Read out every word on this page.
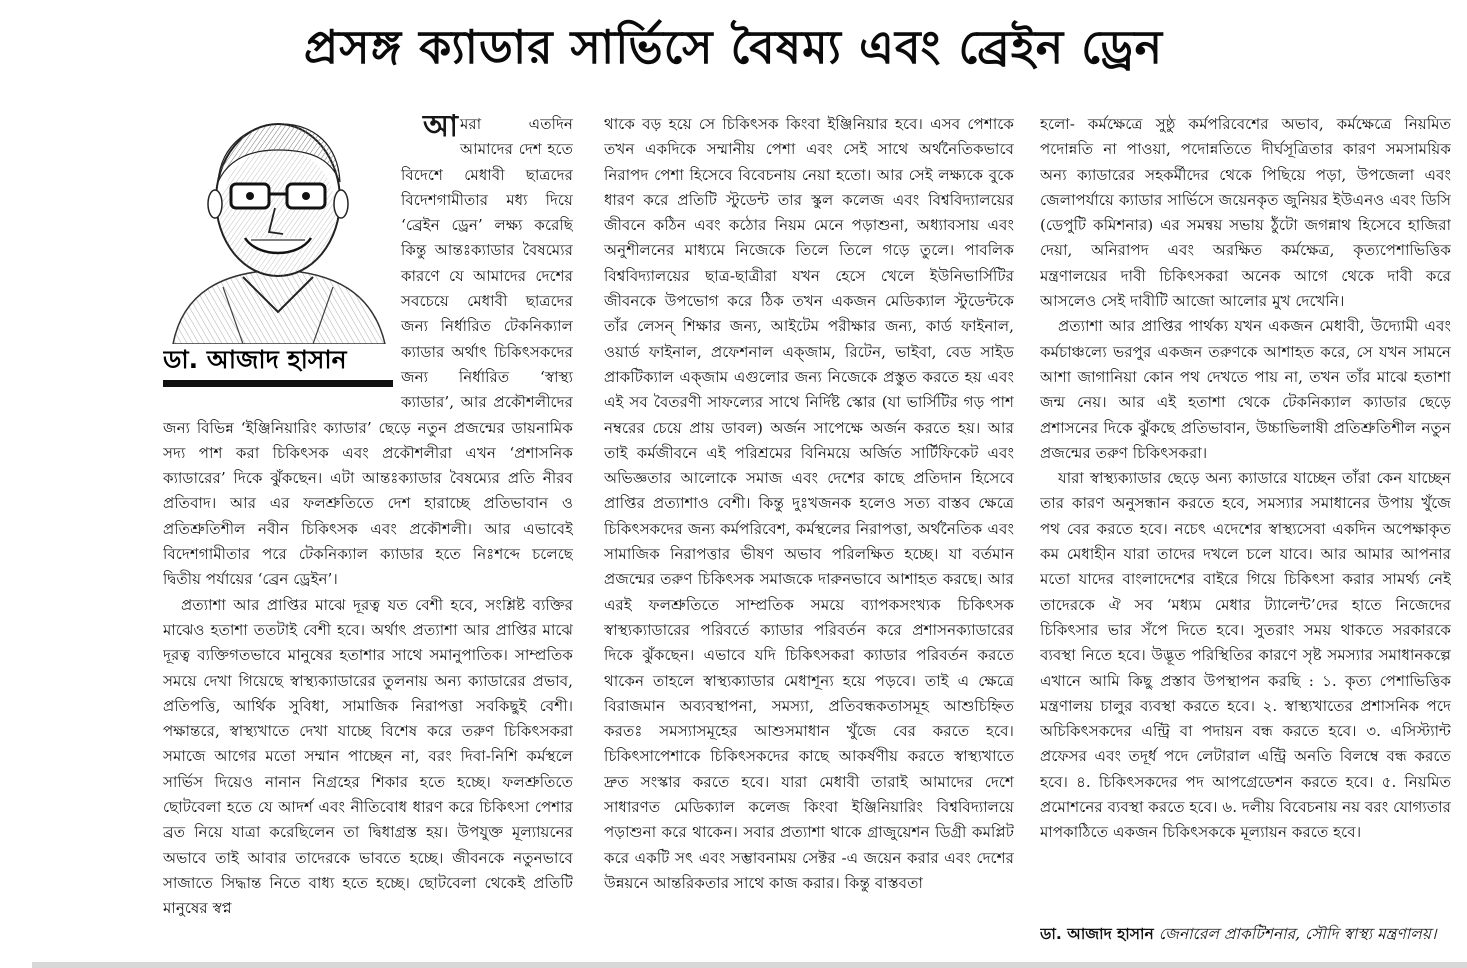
প্রসঙ্গ ক্যাডার সার্ভিসে বৈষম্য এবং ব্রেইন ড্রেন
ডা. আজাদ হাসান

আমরা এতদিন আমাদের দেশ হতে বিদেশে মেধাবী ছাত্রদের বিদেশগামীতার মধ্য দিয়ে ‘ব্রেইন ড্রেন’ লক্ষ্য করেছি কিন্তু আন্তঃক্যাডার বৈষম্যের কারণে যে আমাদের দেশের সবচেয়ে মেধাবী ছাত্রদের জন্য নির্ধারিত টেকনিক্যাল ক্যাডার অর্থাৎ চিকিৎসকদের জন্য নির্ধারিত ‘স্বাস্থ্য ক্যাডার’, আর প্রকৌশলীদের জন্য বিভিন্ন ‘ইঞ্জিনিয়ারিং ক্যাডার’ ছেড়ে নতুন প্রজন্মের ডায়নামিক সদ্য পাশ করা চিকিৎসক এবং প্রকৌশলীরা এখন ‘প্রশাসনিক ক্যাডারের’ দিকে ঝুঁকছেন। এটা আন্তঃক্যাডার বৈষম্যের প্রতি নীরব প্রতিবাদ। আর এর ফলশ্রুতিতে দেশ হারাচ্ছে প্রতিভাবান ও প্রতিশ্রুতিশীল নবীন চিকিৎসক এবং প্রকৌশলী। আর এভাবেই বিদেশগামীতার পরে টেকনিক্যাল ক্যাডার হতে নিঃশব্দে চলেছে দ্বিতীয় পর্যায়ের ‘ব্রেন ড্রেইন’।

প্রত্যাশা আর প্রাপ্তির মাঝে দূরত্ব যত বেশী হবে, সংশ্লিষ্ট ব্যক্তির মাঝেও হতাশা ততটাই বেশী হবে। অর্থাৎ প্রত্যাশা আর প্রাপ্তির মাঝে দূরত্ব ব্যক্তিগতভাবে মানুষের হতাশার সাথে সমানুপাতিক। সাম্প্রতিক সময়ে দেখা গিয়েছে স্বাস্থ্যক্যাডারের তুলনায় অন্য ক্যাডারের প্রভাব, প্রতিপত্তি, আর্থিক সুবিধা, সামাজিক নিরাপত্তা সবকিছুই বেশী। পক্ষান্তরে, স্বাস্থ্যখাতে দেখা যাচ্ছে বিশেষ করে তরুণ চিকিৎসকরা সমাজে আগের মতো সম্মান পাচ্ছেন না, বরং দিবা-নিশি কর্মস্থলে সার্ভিস দিয়েও নানান নিগ্রহের শিকার হতে হচ্ছে। ফলশ্রুতিতে ছোটবেলা হতে যে আদর্শ এবং নীতিবোধ ধারণ করে চিকিৎসা পেশার ব্রত নিয়ে যাত্রা করেছিলেন তা দ্বিধাগ্রস্ত হয়। উপযুক্ত মূল্যায়নের অভাবে তাই আবার তাদেরকে ভাবতে হচ্ছে। জীবনকে নতুনভাবে সাজাতে সিদ্ধান্ত নিতে বাধ্য হতে হচ্ছে। ছোটবেলা থেকেই প্রতিটি মানুষের স্বপ্ন

থাকে বড় হয়ে সে চিকিৎসক কিংবা ইঞ্জিনিয়ার হবে। এসব পেশাকে তখন একদিকে সম্মানীয় পেশা এবং সেই সাথে অর্থনৈতিকভাবে নিরাপদ পেশা হিসেবে বিবেচনায় নেয়া হতো। আর সেই লক্ষ্যকে বুকে ধারণ করে প্রতিটি স্টুডেন্ট তার স্কুল কলেজ এবং বিশ্ববিদ্যালয়ের জীবনে কঠিন এবং কঠোর নিয়ম মেনে পড়াশুনা, অধ্যাবসায় এবং অনুশীলনের মাধ্যমে নিজেকে তিলে তিলে গড়ে তুলে। পাবলিক বিশ্ববিদ্যালয়ের ছাত্র-ছাত্রীরা যখন হেসে খেলে ইউনিভার্সিটির জীবনকে উপভোগ করে ঠিক তখন একজন মেডিক্যাল স্টুডেন্টকে তাঁর লেসন্ শিক্ষার জন্য, আইটেম পরীক্ষার জন্য, কার্ড ফাইনাল, ওয়ার্ড ফাইনাল, প্রফেশনাল এক্জাম, রিটেন, ভাইবা, বেড সাইড প্রাকটিক্যাল এক্জাম এগুলোর জন্য নিজেকে প্রস্তুত করতে হয় এবং এই সব বৈতরণী সাফল্যের সাথে নির্দিষ্ট স্কোর (যা ভার্সিটির গড় পাশ নম্বরের চেয়ে প্রায় ডাবল) অর্জন সাপেক্ষে অর্জন করতে হয়। আর তাই কর্মজীবনে এই পরিশ্রমের বিনিময়ে অর্জিত সার্টিফিকেট এবং অভিজ্ঞতার আলোকে সমাজ এবং দেশের কাছে প্রতিদান হিসেবে প্রাপ্তির প্রত্যাশাও বেশী। কিন্তু দুঃখজনক হলেও সত্য বাস্তব ক্ষেত্রে চিকিৎসকদের জন্য কর্মপরিবেশ, কর্মস্থলের নিরাপত্তা, অর্থনৈতিক এবং সামাজিক নিরাপত্তার ভীষণ অভাব পরিলক্ষিত হচ্ছে। যা বর্তমান প্রজন্মের তরুণ চিকিৎসক সমাজকে দারুনভাবে আশাহত করছে। আর এরই ফলশ্রুতিতে সাম্প্রতিক সময়ে ব্যাপকসংখ্যক চিকিৎসক স্বাস্থ্যক্যাডারের পরিবর্তে ক্যাডার পরিবর্তন করে প্রশাসনক্যাডারের দিকে ঝুঁকছেন। এভাবে যদি চিকিৎসকরা ক্যাডার পরিবর্তন করতে থাকেন তাহলে স্বাস্থ্যক্যাডার মেধাশূন্য হয়ে পড়বে। তাই এ ক্ষেত্রে বিরাজমান অব্যবস্থাপনা, সমস্যা, প্রতিবন্ধকতাসমূহ আশুচিহ্নিত করতঃ সমস্যাসমূহের আশুসমাধান খুঁজে বের করতে হবে। চিকিৎসাপেশাকে চিকিৎসকদের কাছে আকর্ষণীয় করতে স্বাস্থ্যখাতে দ্রুত সংস্কার করতে হবে। যারা মেধাবী তারাই আমাদের দেশে সাধারণত মেডিক্যাল কলেজ কিংবা ইঞ্জিনিয়ারিং বিশ্ববিদ্যালয়ে পড়াশুনা করে থাকেন। সবার প্রত্যাশা থাকে গ্রাজুয়েশন ডিগ্রী কমপ্লিট করে একটি সৎ এবং সম্ভাবনাময় সেক্টর -এ জয়েন করার এবং দেশের উন্নয়নে আন্তরিকতার সাথে কাজ করার। কিন্তু বাস্তবতা

হলো- কর্মক্ষেত্রে সুষ্ঠু কর্মপরিবেশের অভাব, কর্মক্ষেত্রে নিয়মিত পদোন্নতি না পাওয়া, পদোন্নতিতে দীর্ঘসূত্রিতার কারণ সমসাময়িক অন্য ক্যাডারের সহকর্মীদের থেকে পিছিয়ে পড়া, উপজেলা এবং জেলাপর্যায়ে ক্যাডার সার্ভিসে জয়েনকৃত জুনিয়র ইউএনও এবং ডিসি (ডেপুটি কমিশনার) এর সমন্বয় সভায় ঠুঁটো জগন্নাথ হিসেবে হাজিরা দেয়া, অনিরাপদ এবং অরক্ষিত কর্মক্ষেত্র, কৃত্যপেশাভিত্তিক মন্ত্রণালয়ের দাবী চিকিৎসকরা অনেক আগে থেকে দাবী করে আসলেও সেই দাবীটি আজো আলোর মুখ দেখেনি।

প্রত্যাশা আর প্রাপ্তির পার্থক্য যখন একজন মেধাবী, উদ্যোমী এবং কর্মচাঞ্চল্যে ভরপুর একজন তরুণকে আশাহত করে, সে যখন সামনে আশা জাগানিয়া কোন পথ দেখতে পায় না, তখন তাঁর মাঝে হতাশা জন্ম নেয়। আর এই হতাশা থেকে টেকনিক্যাল ক্যাডার ছেড়ে প্রশাসনের দিকে ঝুঁকছে প্রতিভাবান, উচ্চাভিলাষী প্রতিশ্রুতিশীল নতুন প্রজন্মের তরুণ চিকিৎসকরা।

যারা স্বাস্থ্যক্যাডার ছেড়ে অন্য ক্যাডারে যাচ্ছেন তাঁরা কেন যাচ্ছেন তার কারণ অনুসন্ধান করতে হবে, সমস্যার সমাধানের উপায় খুঁজে পথ বের করতে হবে। নচেৎ এদেশের স্বাস্থ্যসেবা একদিন অপেক্ষাকৃত কম মেধাহীন যারা তাদের দখলে চলে যাবে। আর আমার আপনার মতো যাদের বাংলাদেশের বাইরে গিয়ে চিকিৎসা করার সামর্থ্য নেই তাদেরকে ঐ সব ‘মধ্যম মেধার ট্যালেন্ট’দের হাতে নিজেদের চিকিৎসার ভার সঁপে দিতে হবে। সুতরাং সময় থাকতে সরকারকে ব্যবস্থা নিতে হবে। উদ্ভূত পরিস্থিতির কারণে সৃষ্ট সমস্যার সমাধানকল্পে এখানে আমি কিছু প্রস্তাব উপস্থাপন করছি : ১. কৃত্য পেশাভিত্তিক মন্ত্রণালয় চালুর ব্যবস্থা করতে হবে। ২. স্বাস্থ্যখাতের প্রশাসনিক পদে অচিকিৎসকদের এন্ট্রি বা পদায়ন বন্ধ করতে হবে। ৩. এসিস্ট্যান্ট প্রফেসর এবং তদূর্ধ পদে লেটারাল এন্ট্রি অনতি বিলম্বে বন্ধ করতে হবে। ৪. চিকিৎসকদের পদ আপগ্রেডেশন করতে হবে। ৫. নিয়মিত প্রমোশনের ব্যবস্থা করতে হবে। ৬. দলীয় বিবেচনায় নয় বরং যোগ্যতার মাপকাঠিতে একজন চিকিৎসককে মূল্যায়ন করতে হবে।

ডা. আজাদ হাসান জেনারেল প্রাকটিশনার, সৌদি স্বাস্থ্য মন্ত্রণালয়।
